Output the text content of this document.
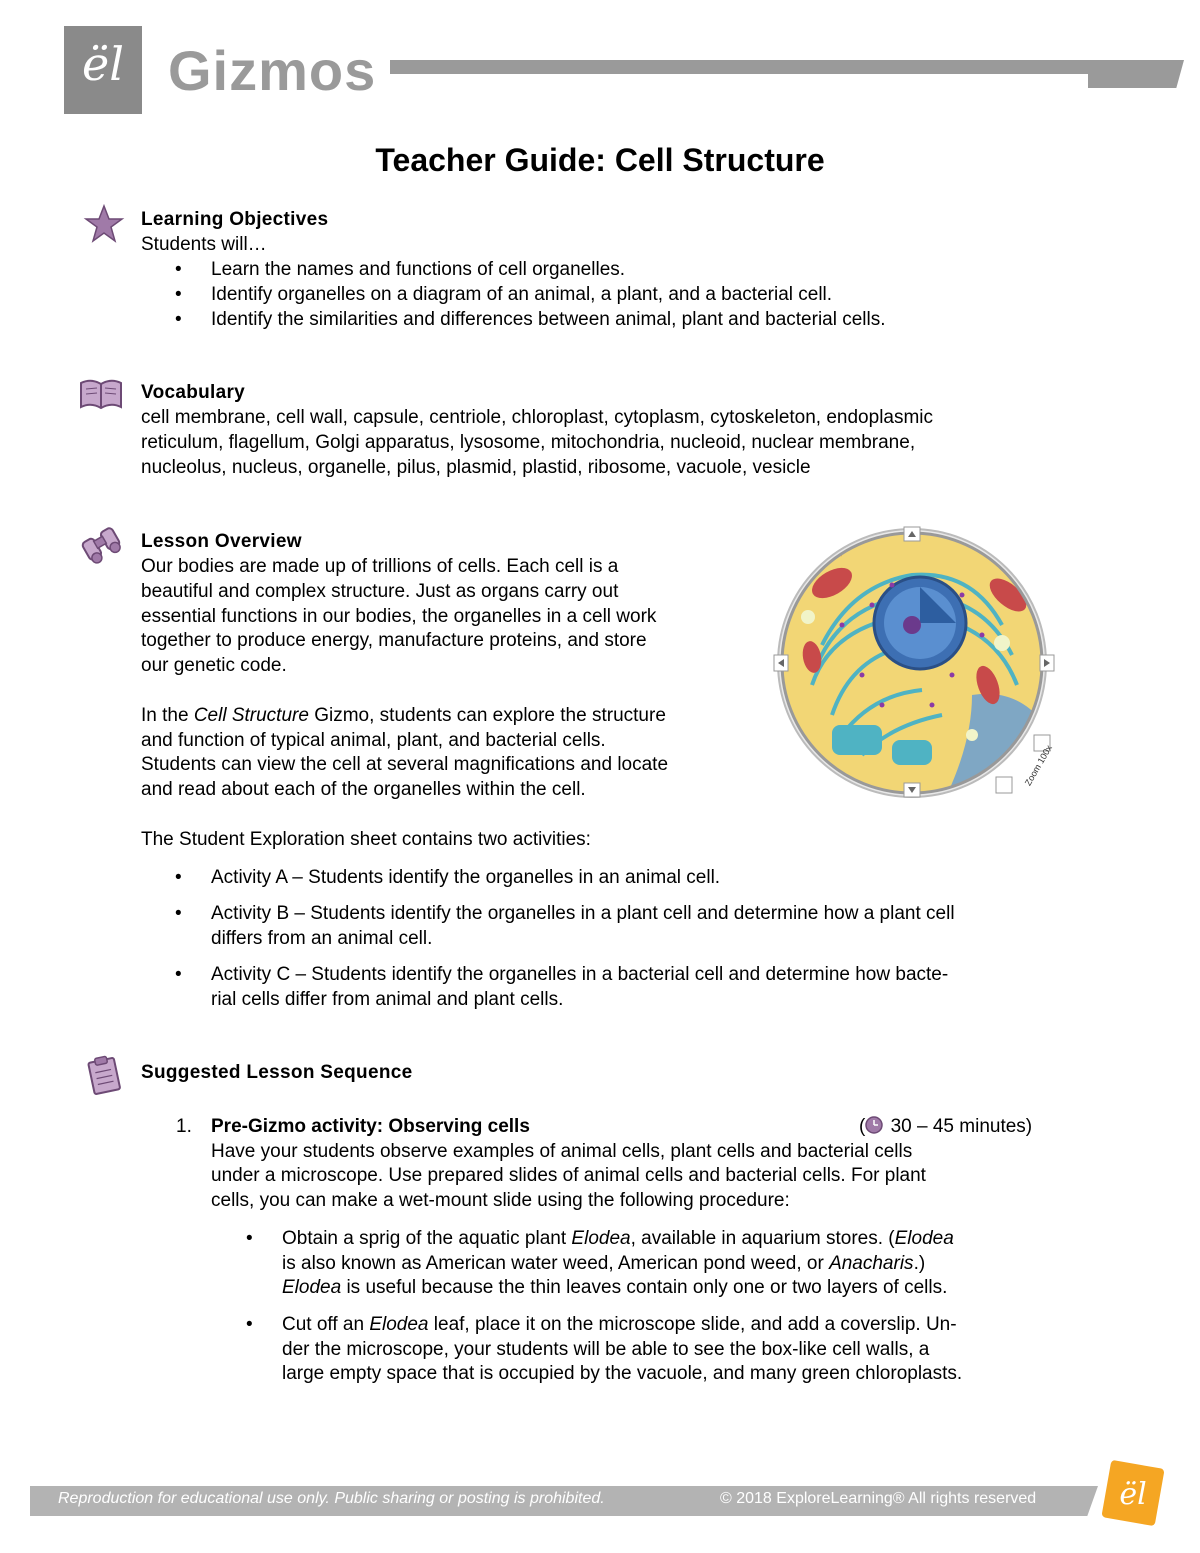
ël Gizmos
Teacher Guide: Cell Structure
Learning Objectives
Students will…
• Learn the names and functions of cell organelles.
• Identify organelles on a diagram of an animal, a plant, and a bacterial cell.
• Identify the similarities and differences between animal, plant and bacterial cells.
Vocabulary
cell membrane, cell wall, capsule, centriole, chloroplast, cytoplasm, cytoskeleton, endoplasmic
reticulum, flagellum, Golgi apparatus, lysosome, mitochondria, nucleoid, nuclear membrane,
nucleolus, nucleus, organelle, pilus, plasmid, plastid, ribosome, vacuole, vesicle
Lesson Overview
Our bodies are made up of trillions of cells. Each cell is a
beautiful and complex structure. Just as organs carry out
essential functions in our bodies, the organelles in a cell work
together to produce energy, manufacture proteins, and store
our genetic code.
In the Cell Structure Gizmo, students can explore the structure
and function of typical animal, plant, and bacterial cells.
Students can view the cell at several magnifications and locate
and read about each of the organelles within the cell.
The Student Exploration sheet contains two activities:
• Activity A – Students identify the organelles in an animal cell.
• Activity B – Students identify the organelles in a plant cell and determine how a plant cell
differs from an animal cell.
• Activity C – Students identify the organelles in a bacterial cell and determine how bacte-
rial cells differ from animal and plant cells.
Zoom 100x
Suggested Lesson Sequence
1. Pre-Gizmo activity: Observing cells	( 30 – 45 minutes)
Have your students observe examples of animal cells, plant cells and bacterial cells
under a microscope. Use prepared slides of animal cells and bacterial cells. For plant
cells, you can make a wet-mount slide using the following procedure:
• Obtain a sprig of the aquatic plant Elodea, available in aquarium stores. (Elodea
is also known as American water weed, American pond weed, or Anacharis.)
Elodea is useful because the thin leaves contain only one or two layers of cells.
• Cut off an Elodea leaf, place it on the microscope slide, and add a coverslip. Un-
der the microscope, your students will be able to see the box-like cell walls, a
large empty space that is occupied by the vacuole, and many green chloroplasts.
Reproduction for educational use only. Public sharing or posting is prohibited.	© 2018 ExploreLearning® All rights reserved	ël
